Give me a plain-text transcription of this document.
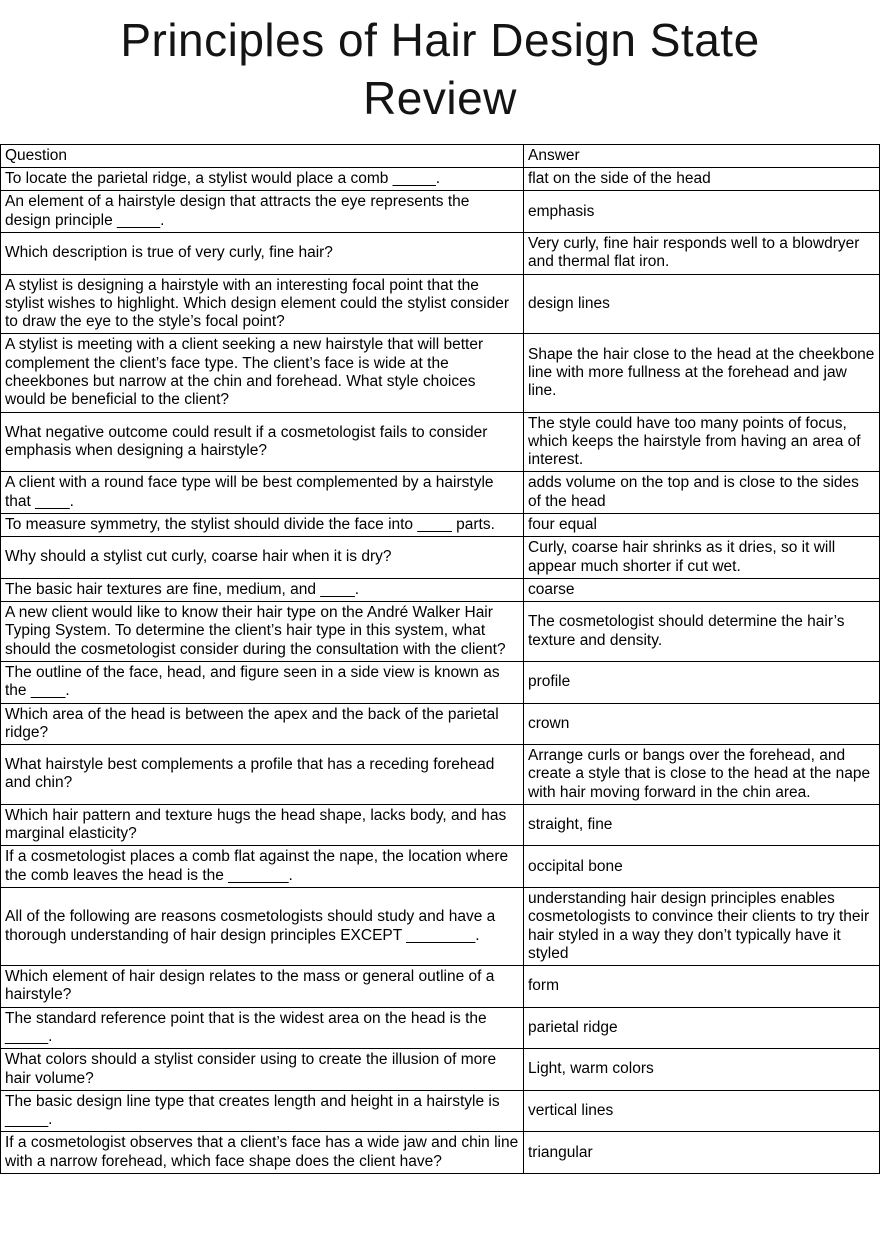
Principles of Hair Design State Review
Question	Answer
To locate the parietal ridge, a stylist would place a comb _____.	flat on the side of the head
An element of a hairstyle design that attracts the eye represents the design principle _____.	emphasis
Which description is true of very curly, fine hair?	Very curly, fine hair responds well to a blowdryer and thermal flat iron.
A stylist is designing a hairstyle with an interesting focal point that the stylist wishes to highlight. Which design element could the stylist consider to draw the eye to the style’s focal point?	design lines
A stylist is meeting with a client seeking a new hairstyle that will better complement the client’s face type. The client’s face is wide at the cheekbones but narrow at the chin and forehead. What style choices would be beneficial to the client?	Shape the hair close to the head at the cheekbone line with more fullness at the forehead and jaw line.
What negative outcome could result if a cosmetologist fails to consider emphasis when designing a hairstyle?	The style could have too many points of focus, which keeps the hairstyle from having an area of interest.
A client with a round face type will be best complemented by a hairstyle that ____.	adds volume on the top and is close to the sides of the head
To measure symmetry, the stylist should divide the face into ____ parts.	four equal
Why should a stylist cut curly, coarse hair when it is dry?	Curly, coarse hair shrinks as it dries, so it will appear much shorter if cut wet.
The basic hair textures are fine, medium, and ____.	coarse
A new client would like to know their hair type on the André Walker Hair Typing System. To determine the client’s hair type in this system, what should the cosmetologist consider during the consultation with the client?	The cosmetologist should determine the hair’s texture and density.
The outline of the face, head, and figure seen in a side view is known as the ____.	profile
Which area of the head is between the apex and the back of the parietal ridge?	crown
What hairstyle best complements a profile that has a receding forehead and chin?	Arrange curls or bangs over the forehead, and create a style that is close to the head at the nape with hair moving forward in the chin area.
Which hair pattern and texture hugs the head shape, lacks body, and has marginal elasticity?	straight, fine
If a cosmetologist places a comb flat against the nape, the location where the comb leaves the head is the _______.	occipital bone
All of the following are reasons cosmetologists should study and have a thorough understanding of hair design principles EXCEPT ________.	understanding hair design principles enables cosmetologists to convince their clients to try their hair styled in a way they don’t typically have it styled
Which element of hair design relates to the mass or general outline of a hairstyle?	form
The standard reference point that is the widest area on the head is the _____.	parietal ridge
What colors should a stylist consider using to create the illusion of more hair volume?	Light, warm colors
The basic design line type that creates length and height in a hairstyle is _____.	vertical lines
If a cosmetologist observes that a client’s face has a wide jaw and chin line with a narrow forehead, which face shape does the client have?	triangular
